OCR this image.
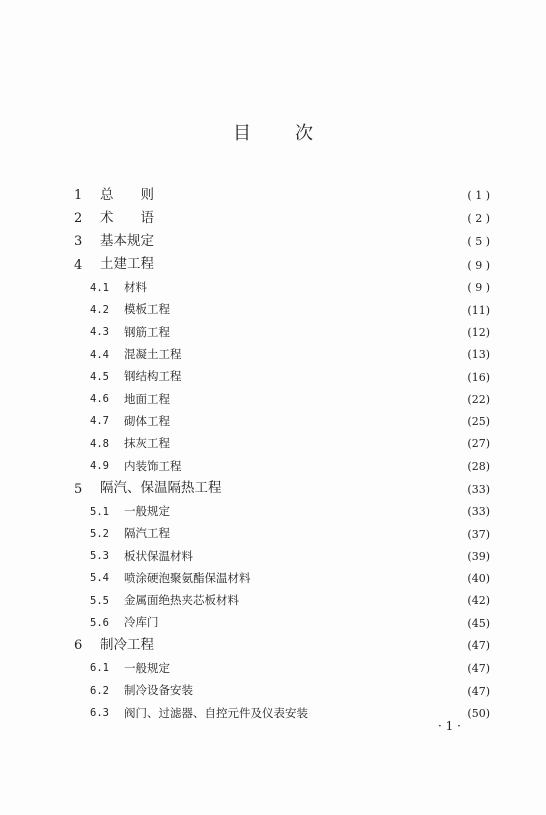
目 次
1	总　　则 ·····	( 1 )
2	术　　语 ·····	( 2 )
3	基本规定 ·····	( 5 )
4	土建工程 ·····	( 9 )
4.1	材料 ·····	( 9 )
4.2	模板工程 ·····	(11)
4.3	钢筋工程 ·····	(12)
4.4	混凝土工程 ·····	(13)
4.5	钢结构工程 ·····	(16)
4.6	地面工程 ·····	(22)
4.7	砌体工程 ·····	(25)
4.8	抹灰工程 ·····	(27)
4.9	内装饰工程 ·····	(28)
5	隔汽、保温隔热工程 ·····	(33)
5.1	一般规定 ·····	(33)
5.2	隔汽工程 ·····	(37)
5.3	板状保温材料 ·····	(39)
5.4	喷涂硬泡聚氨酯保温材料 ·····	(40)
5.5	金属面绝热夹芯板材料 ·····	(42)
5.6	冷库门 ·····	(45)
6	制冷工程 ·····	(47)
6.1	一般规定 ·····	(47)
6.2	制冷设备安装 ·····	(47)
6.3	阀门、过滤器、自控元件及仪表安装 ·····	(50)
· 1 ·
